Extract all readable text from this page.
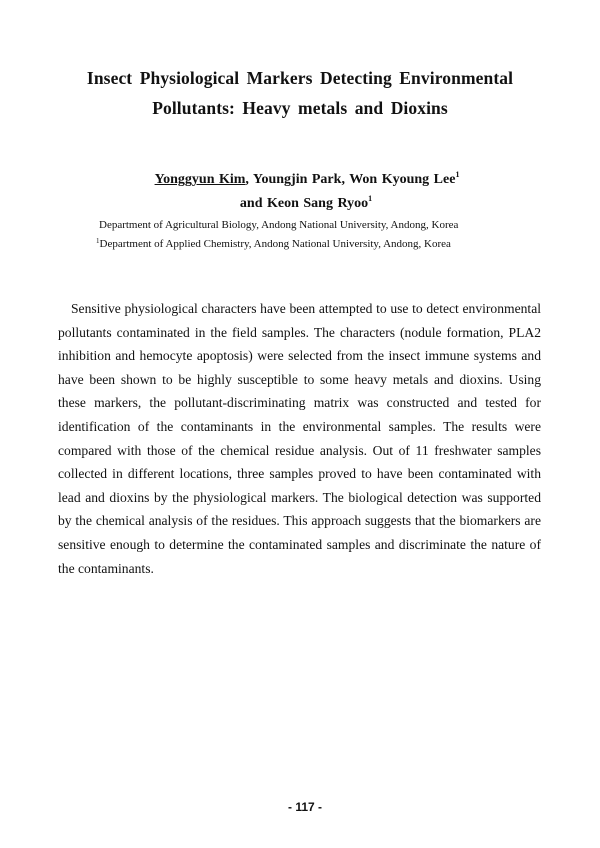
Insect Physiological Markers Detecting Environmental
Pollutants: Heavy metals and Dioxins
Yonggyun Kim, Youngjin Park, Won Kyoung Lee$^1$
and Keon Sang Ryoo$^1$
Department of Agricultural Biology, Andong National University, Andong, Korea
$^1$Department of Applied Chemistry, Andong National University, Andong, Korea
Sensitive physiological characters have been attempted to use to detect environmental pollutants contaminated in the field samples. The characters (nodule formation, PLA2 inhibition and hemocyte apoptosis) were selected from the insect immune systems and have been shown to be highly susceptible to some heavy metals and dioxins. Using these markers, the pollutant-discriminating matrix was constructed and tested for identification of the contaminants in the environmental samples. The results were compared with those of the chemical residue analysis. Out of 11 freshwater samples collected in different locations, three samples proved to have been contaminated with lead and dioxins by the physiological markers. The biological detection was supported by the chemical analysis of the residues. This approach suggests that the biomarkers are sensitive enough to determine the contaminated samples and discriminate the nature of the contaminants.
- 117 -
